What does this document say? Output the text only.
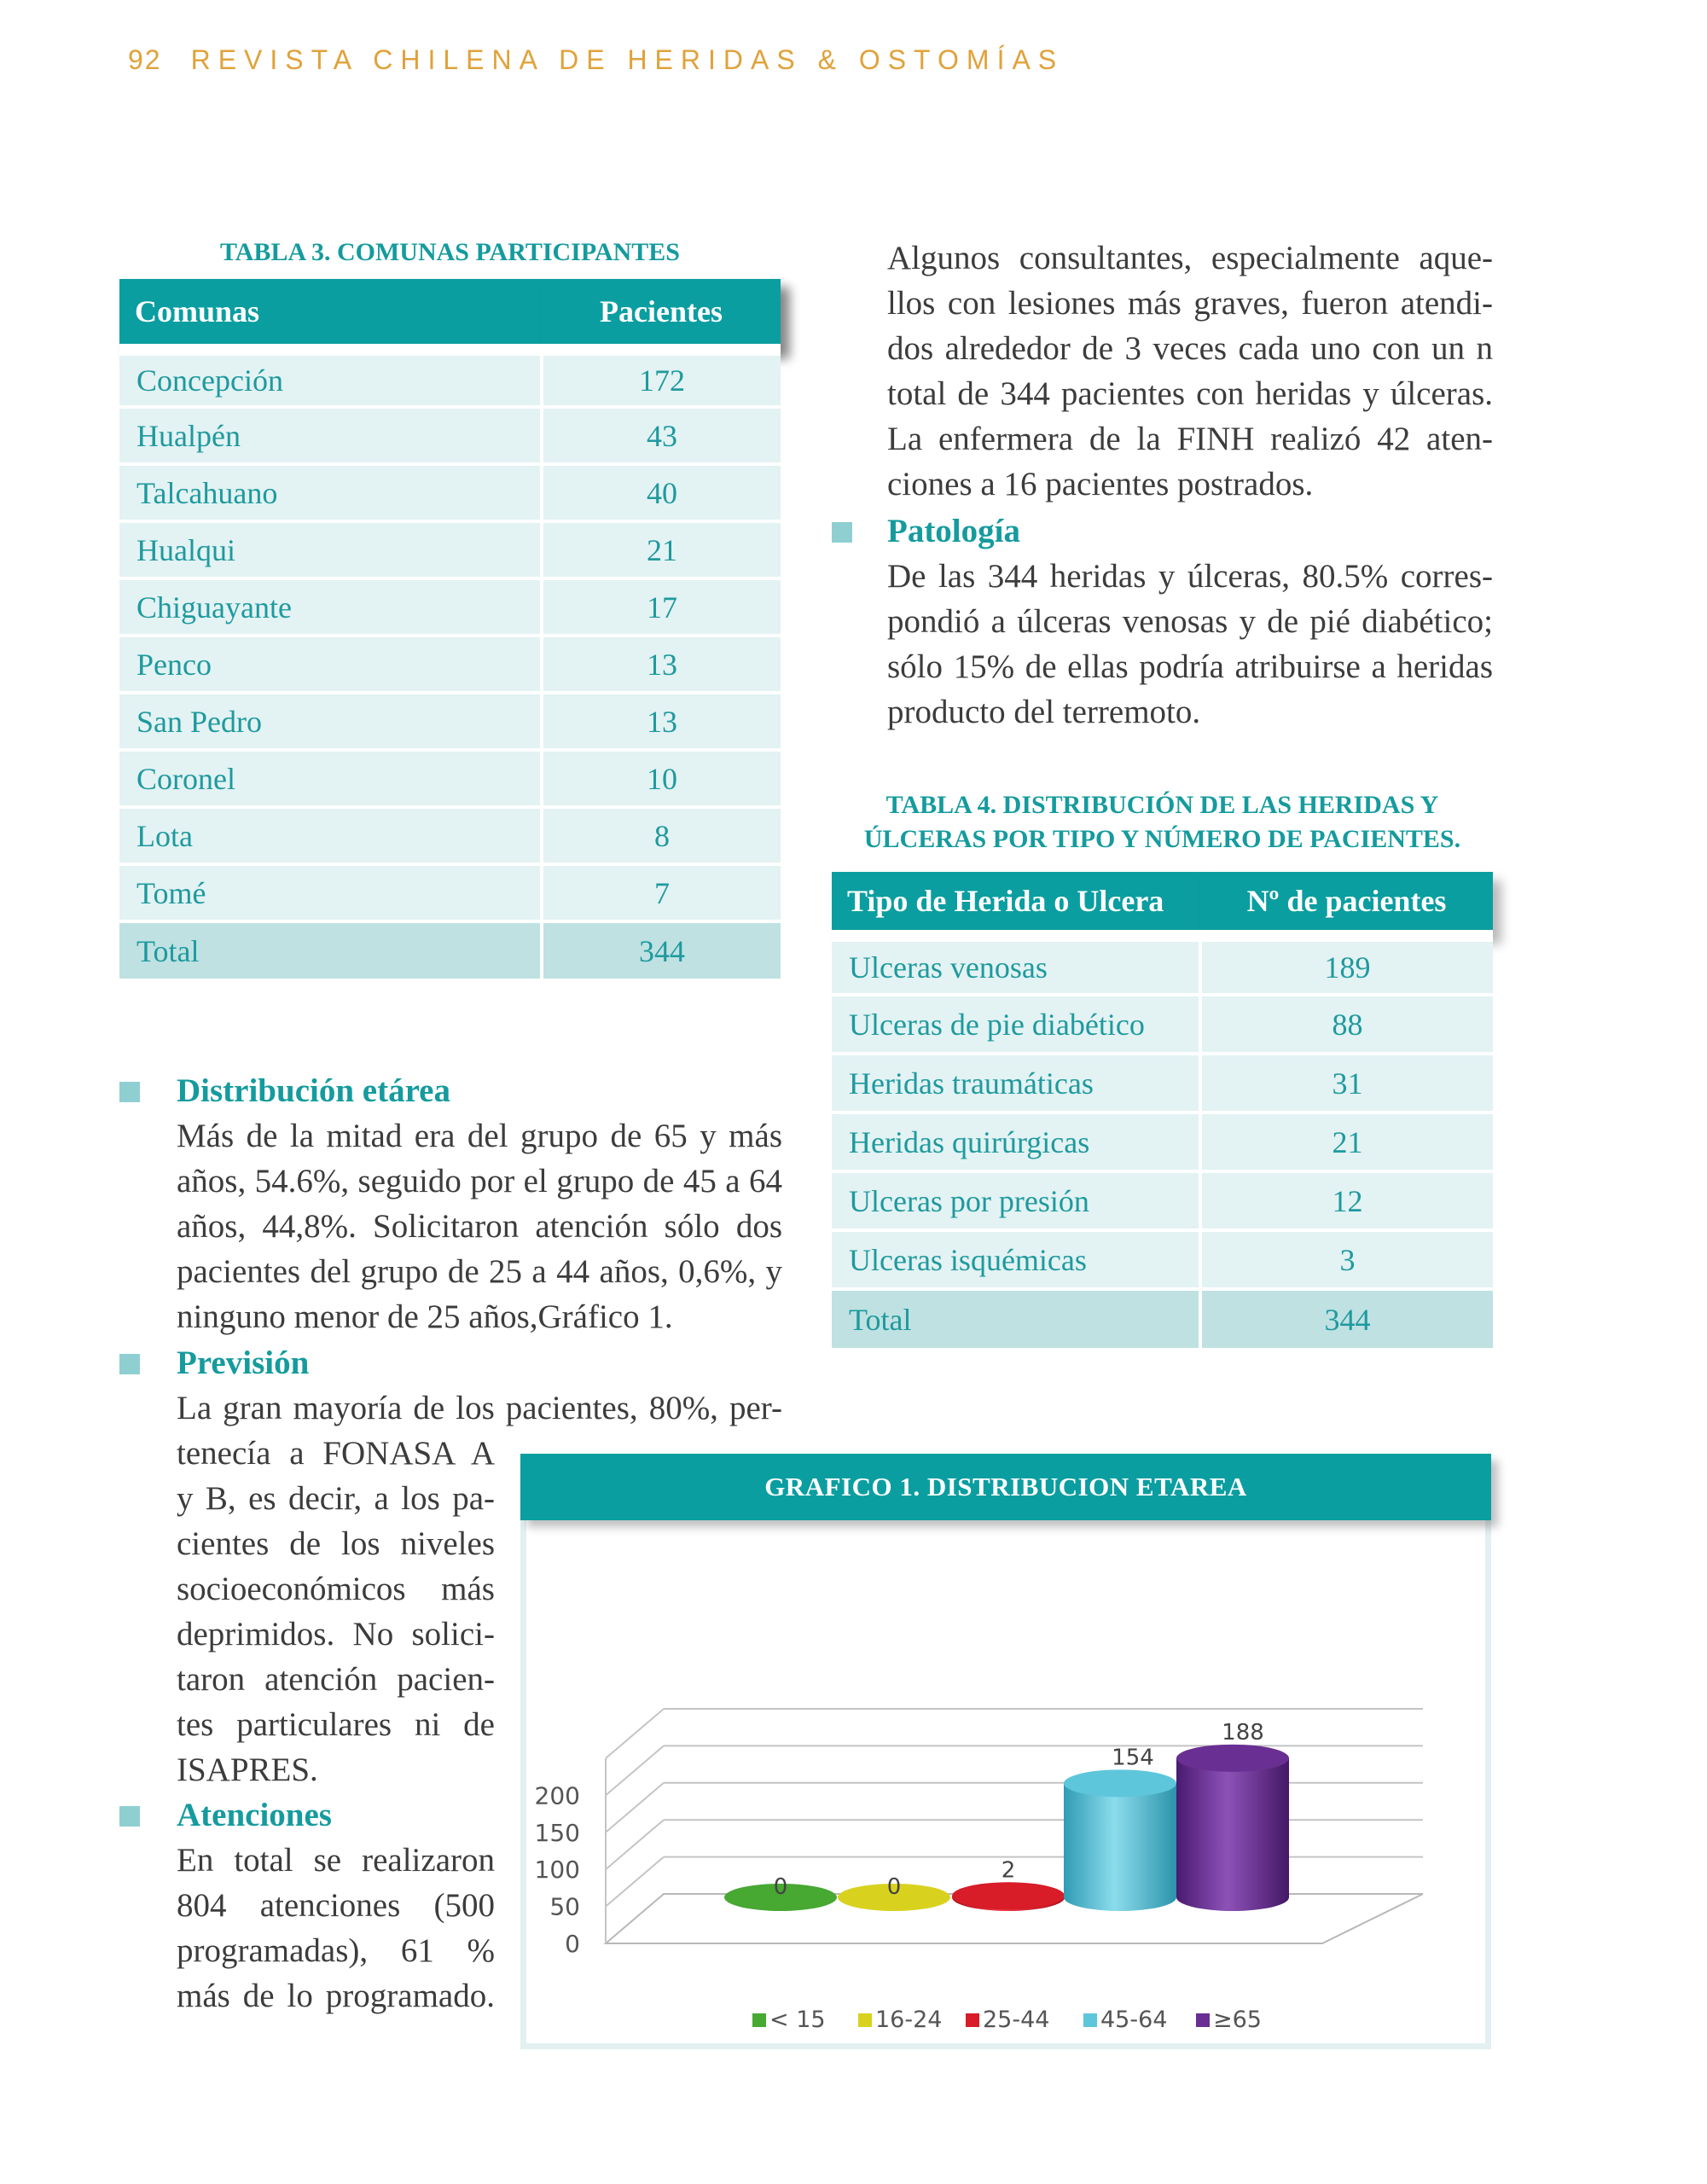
92 REVISTA CHILENA DE HERIDAS & OSTOMÍAS
TABLA 3. COMUNAS PARTICIPANTES
Comunas	Pacientes
Concepción	172
Hualpén	43
Talcahuano	40
Hualqui	21
Chiguayante	17
Penco	13
San Pedro	13
Coronel	10
Lota	8
Tomé	7
Total	344
Algunos consultantes, especialmente aque-
llos con lesiones más graves, fueron atendi-
dos alrededor de 3 veces cada uno con un n
total de 344 pacientes con heridas y úlceras.
La enfermera de la FINH realizó 42 aten-
ciones a 16 pacientes postrados.
Patología
De las 344 heridas y úlceras, 80.5% corres-
pondió a úlceras venosas y de pié diabético;
sólo 15% de ellas podría atribuirse a heridas
producto del terremoto.
TABLA 4. DISTRIBUCIÓN DE LAS HERIDAS Y
ÚLCERAS POR TIPO Y NÚMERO DE PACIENTES.
Tipo de Herida o Ulcera	Nº de pacientes
Ulceras venosas	189
Ulceras de pie diabético	88
Heridas traumáticas	31
Heridas quirúrgicas	21
Ulceras por presión	12
Ulceras isquémicas	3
Total	344
Distribución etárea
Más de la mitad era del grupo de 65 y más
años, 54.6%, seguido por el grupo de 45 a 64
años, 44,8%. Solicitaron atención sólo dos
pacientes del grupo de 25 a 44 años, 0,6%, y
ninguno menor de 25 años,Gráfico 1.
Previsión
La gran mayoría de los pacientes, 80%, per-
tenecía a FONASA A
y B, es decir, a los pa-
cientes de los niveles
socioeconómicos más
deprimidos. No solici-
taron atención pacien-
tes particulares ni de
ISAPRES.
Atenciones
En total se realizaron
804 atenciones (500
programadas), 61 %
más de lo programado.
GRAFICO 1. DISTRIBUCION ETAREA
0
50
100
150
200
0	0
2
154
188
< 15 16-24 25-44 45-64 ≥65
